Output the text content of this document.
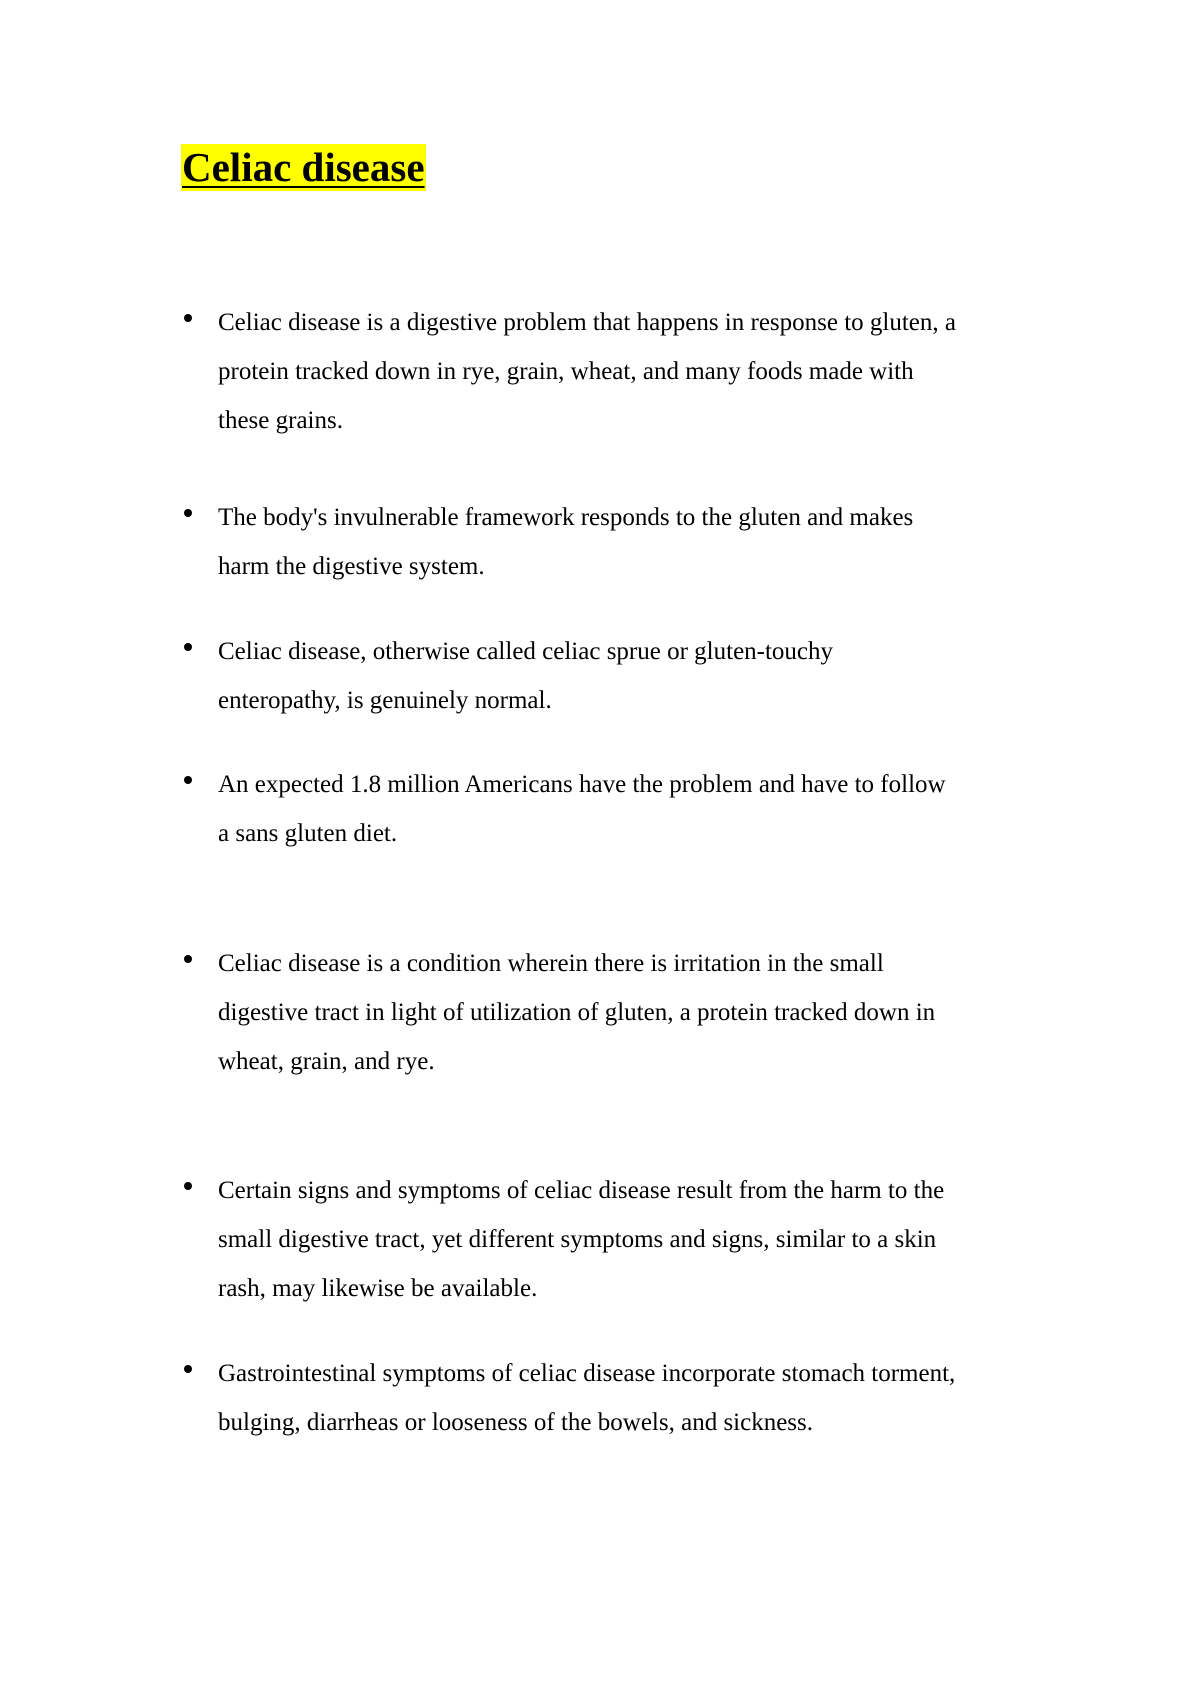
Celiac disease

Celiac disease is a digestive problem that happens in response to gluten, a
protein tracked down in rye, grain, wheat, and many foods made with
these grains.

The body's invulnerable framework responds to the gluten and makes
harm the digestive system.

Celiac disease, otherwise called celiac sprue or gluten-touchy
enteropathy, is genuinely normal.

An expected 1.8 million Americans have the problem and have to follow
a sans gluten diet.

Celiac disease is a condition wherein there is irritation in the small
digestive tract in light of utilization of gluten, a protein tracked down in
wheat, grain, and rye.

Certain signs and symptoms of celiac disease result from the harm to the
small digestive tract, yet different symptoms and signs, similar to a skin
rash, may likewise be available.

Gastrointestinal symptoms of celiac disease incorporate stomach torment,
bulging, diarrheas or looseness of the bowels, and sickness.
